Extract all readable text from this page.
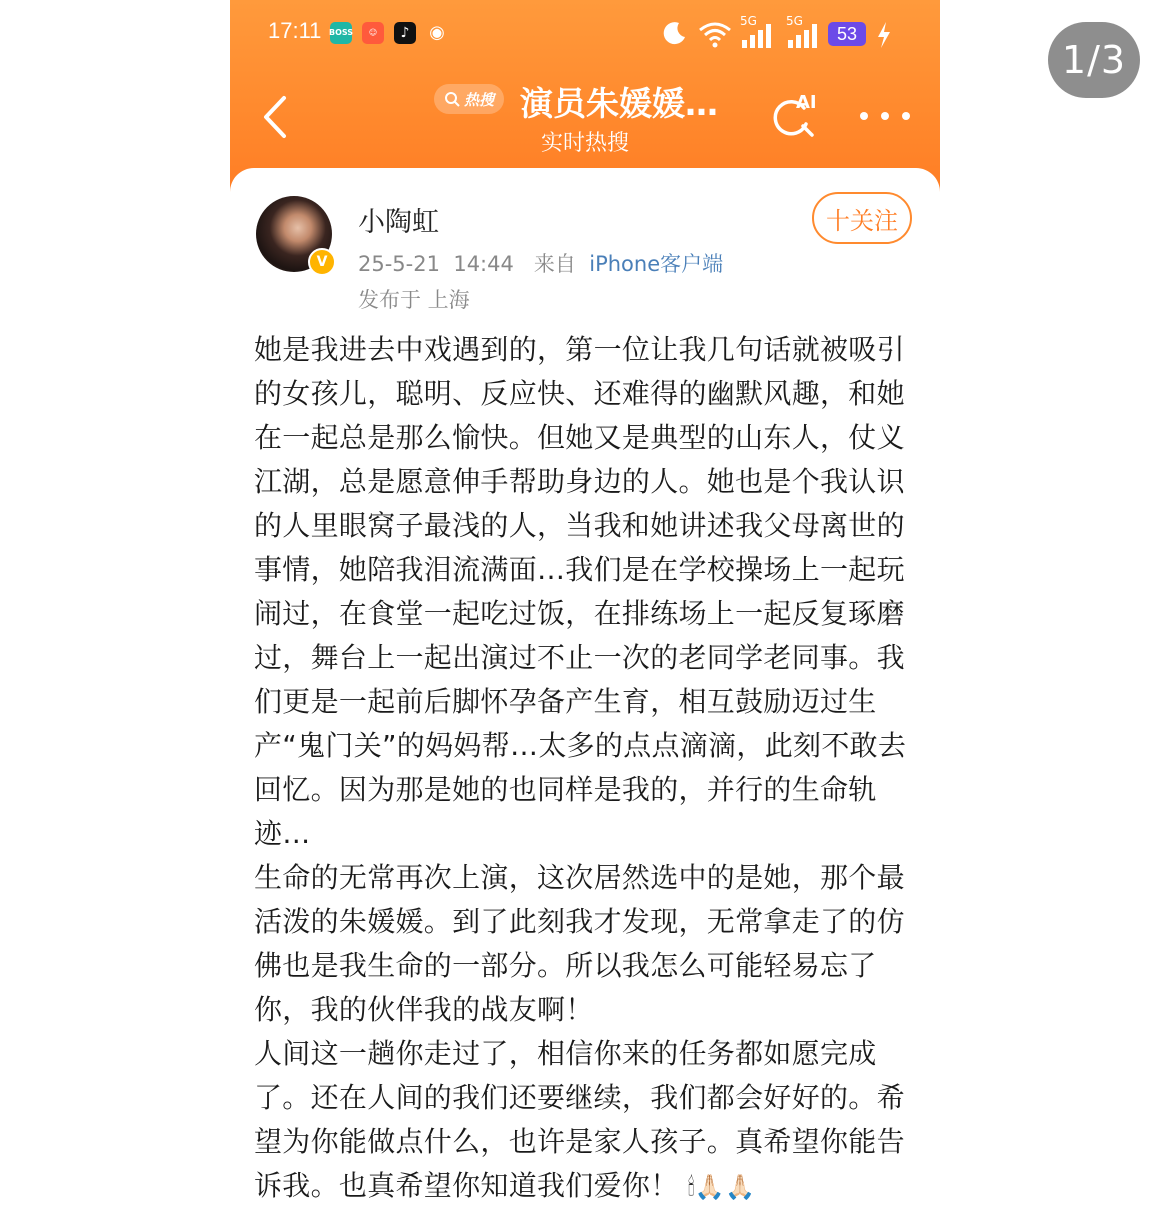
1/3
17:11 BOSS	☺	♪	◉
5G 5G
53
热搜 演员朱媛媛…
实时热搜
AI
V
小陶虹
25-5-21 14:44 来自 iPhone客户端
发布于 上海
十关注

她是我进去中戏遇到的，第一位让我几句话就被吸引的女孩儿，聪明、反应快、还难得的幽默风趣，和她在一起总是那么愉快。但她又是典型的山东人，仗义江湖，总是愿意伸手帮助身边的人。她也是个我认识的人里眼窝子最浅的人，当我和她讲述我父母离世的事情，她陪我泪流满面…我们是在学校操场上一起玩闹过，在食堂一起吃过饭，在排练场上一起反复琢磨过，舞台上一起出演过不止一次的老同学老同事。我们更是一起前后脚怀孕备产生育，相互鼓励迈过生产“鬼门关”的妈妈帮…太多的点点滴滴，此刻不敢去回忆。因为那是她的也同样是我的，并行的生命轨迹…

生命的无常再次上演，这次居然选中的是她，那个最活泼的朱媛媛。到了此刻我才发现，无常拿走了的仿佛也是我生命的一部分。所以我怎么可能轻易忘了你，我的伙伴我的战友啊！

人间这一趟你走过了，相信你来的任务都如愿完成了。还在人间的我们还要继续，我们都会好好的。希望为你能做点什么，也许是家人孩子。真希望你能告诉我。也真希望你知道我们爱你！ 🕯🙏🏻🙏🏻
